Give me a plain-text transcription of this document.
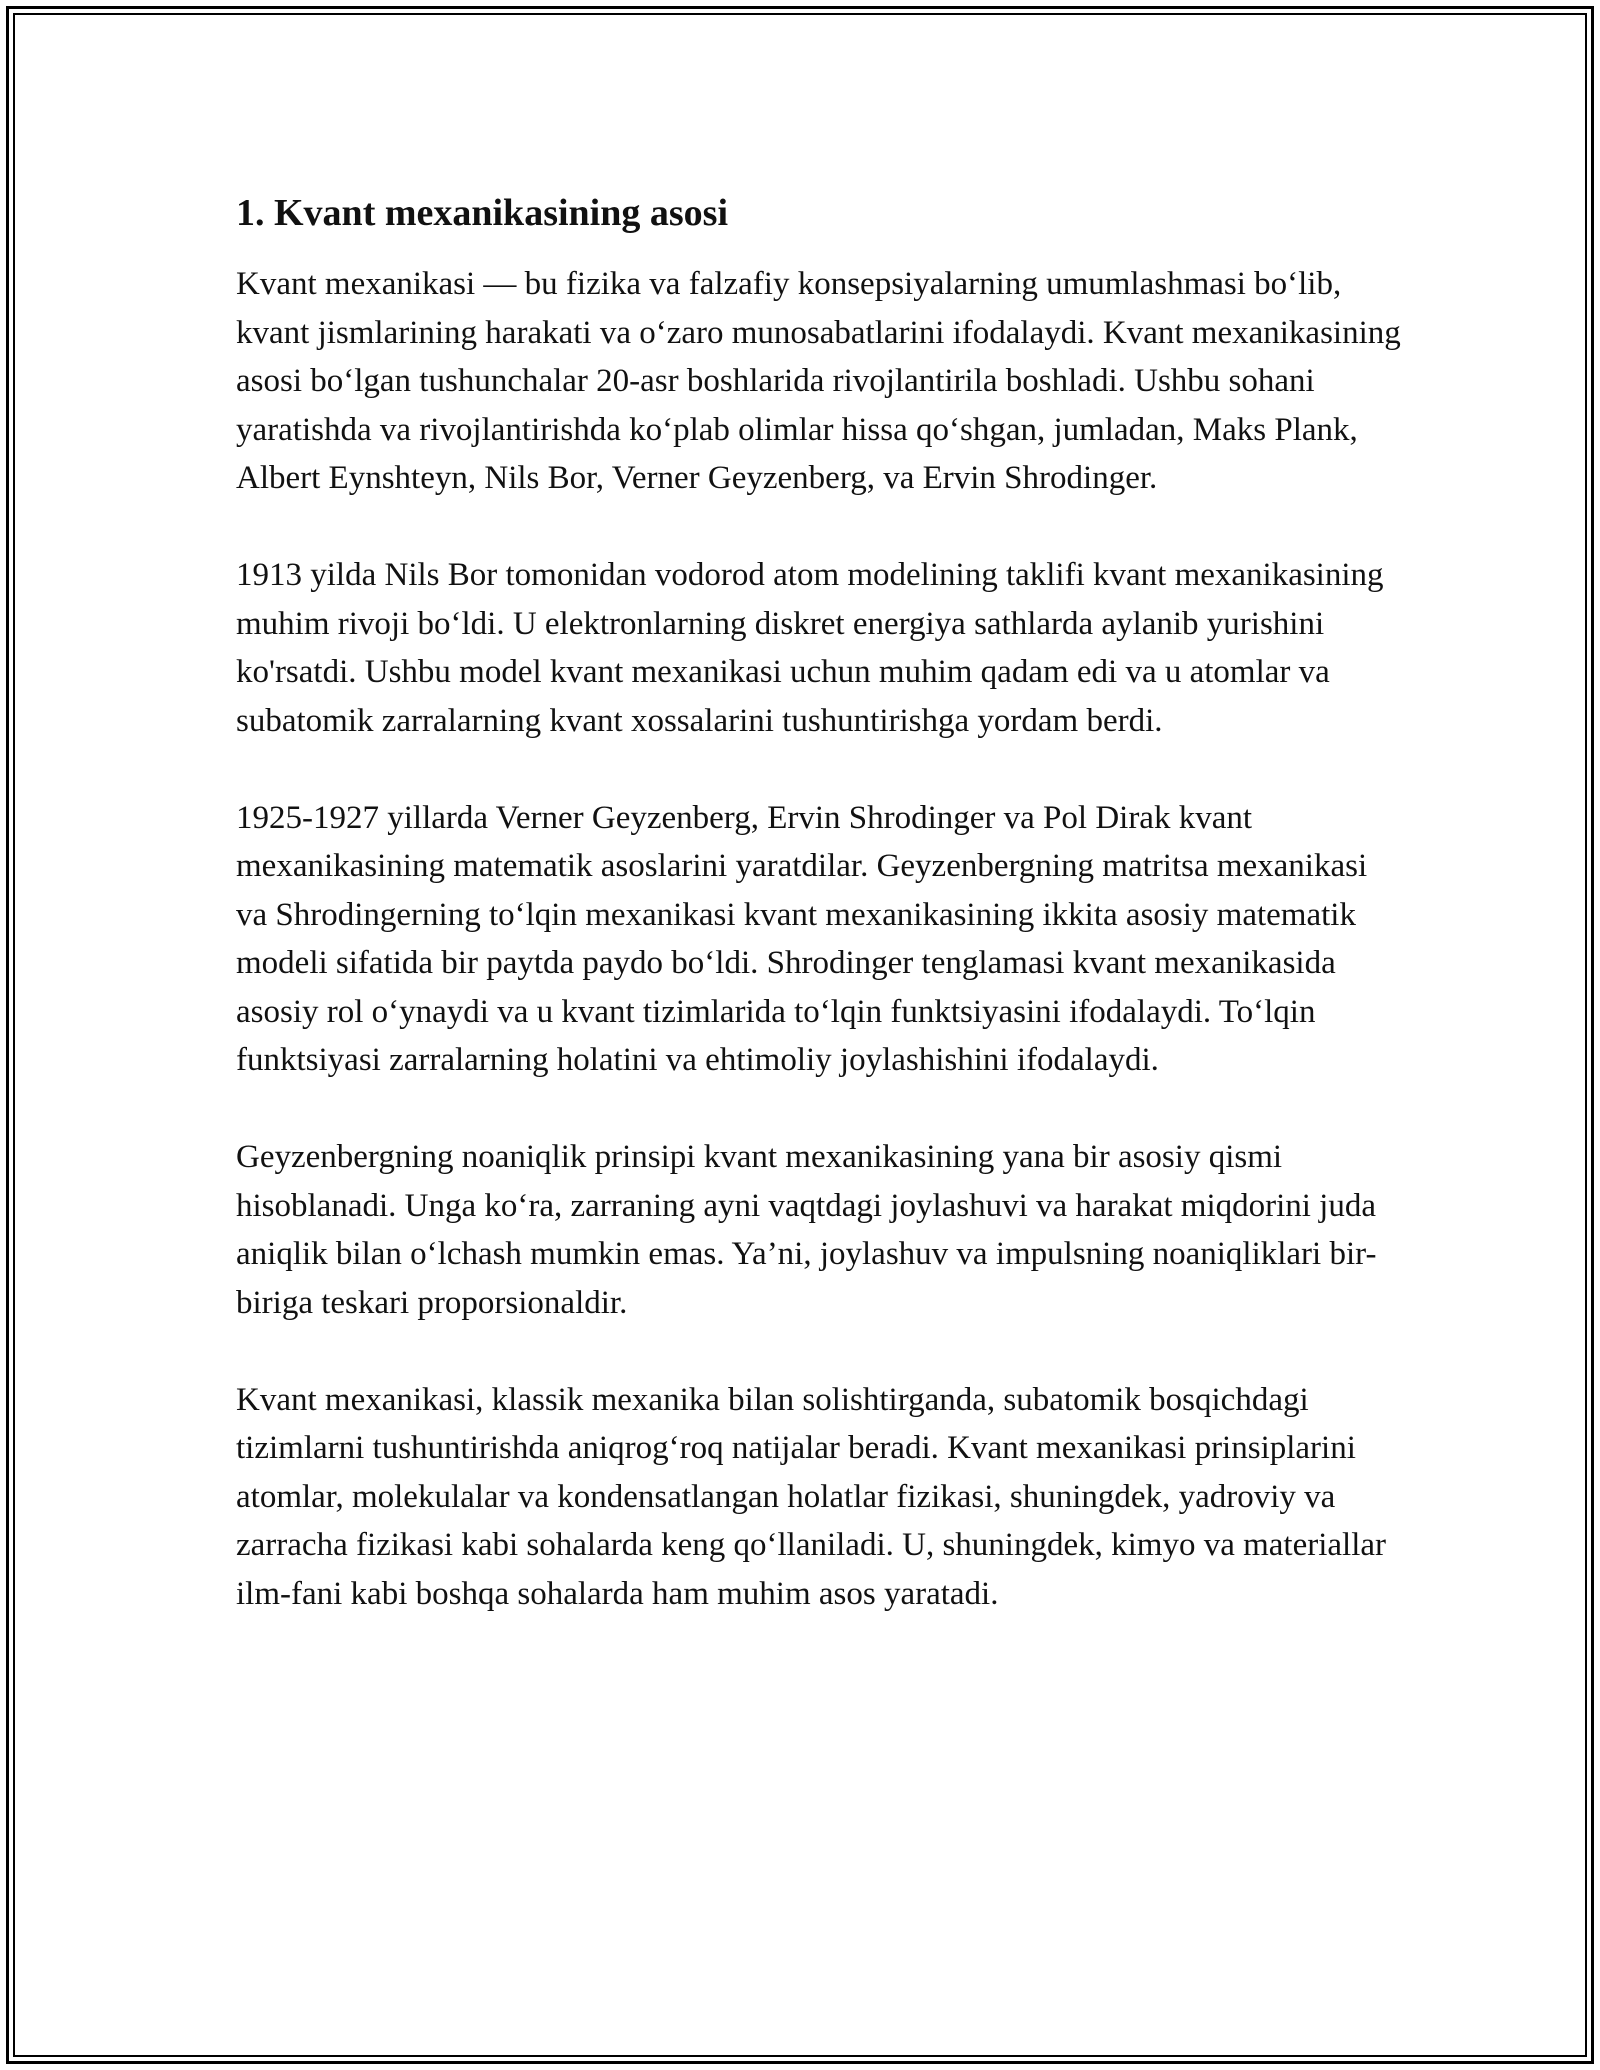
1. Kvant mexanikasining asosi

Kvant mexanikasi — bu fizika va falzafiy konsepsiyalarning umumlashmasi bo‘lib, kvant jismlarining harakati va o‘zaro munosabatlarini ifodalaydi. Kvant mexanikasining asosi bo‘lgan tushunchalar 20-asr boshlarida rivojlantirila boshladi. Ushbu sohani yaratishda va rivojlantirishda ko‘plab olimlar hissa qo‘shgan, jumladan, Maks Plank, Albert Eynshteyn, Nils Bor, Verner Geyzenberg, va Ervin Shrodinger.

1913 yilda Nils Bor tomonidan vodorod atom modelining taklifi kvant mexanikasining muhim rivoji bo‘ldi. U elektronlarning diskret energiya sathlarda aylanib yurishini ko'rsatdi. Ushbu model kvant mexanikasi uchun muhim qadam edi va u atomlar va subatomik zarralarning kvant xossalarini tushuntirishga yordam berdi.

1925-1927 yillarda Verner Geyzenberg, Ervin Shrodinger va Pol Dirak kvant mexanikasining matematik asoslarini yaratdilar. Geyzenbergning matritsa mexanikasi va Shrodingerning to‘lqin mexanikasi kvant mexanikasining ikkita asosiy matematik modeli sifatida bir paytda paydo bo‘ldi. Shrodinger tenglamasi kvant mexanikasida asosiy rol o‘ynaydi va u kvant tizimlarida to‘lqin funktsiyasini ifodalaydi. To‘lqin funktsiyasi zarralarning holatini va ehtimoliy joylashishini ifodalaydi.

Geyzenbergning noaniqlik prinsipi kvant mexanikasining yana bir asosiy qismi hisoblanadi. Unga ko‘ra, zarraning ayni vaqtdagi joylashuvi va harakat miqdorini juda aniqlik bilan o‘lchash mumkin emas. Ya’ni, joylashuv va impulsning noaniqliklari bir-biriga teskari proporsionaldir.

Kvant mexanikasi, klassik mexanika bilan solishtirganda, subatomik bosqichdagi tizimlarni tushuntirishda aniqrog‘roq natijalar beradi. Kvant mexanikasi prinsiplarini atomlar, molekulalar va kondensatlangan holatlar fizikasi, shuningdek, yadroviy va zarracha fizikasi kabi sohalarda keng qo‘llaniladi. U, shuningdek, kimyo va materiallar ilm-fani kabi boshqa sohalarda ham muhim asos yaratadi.
